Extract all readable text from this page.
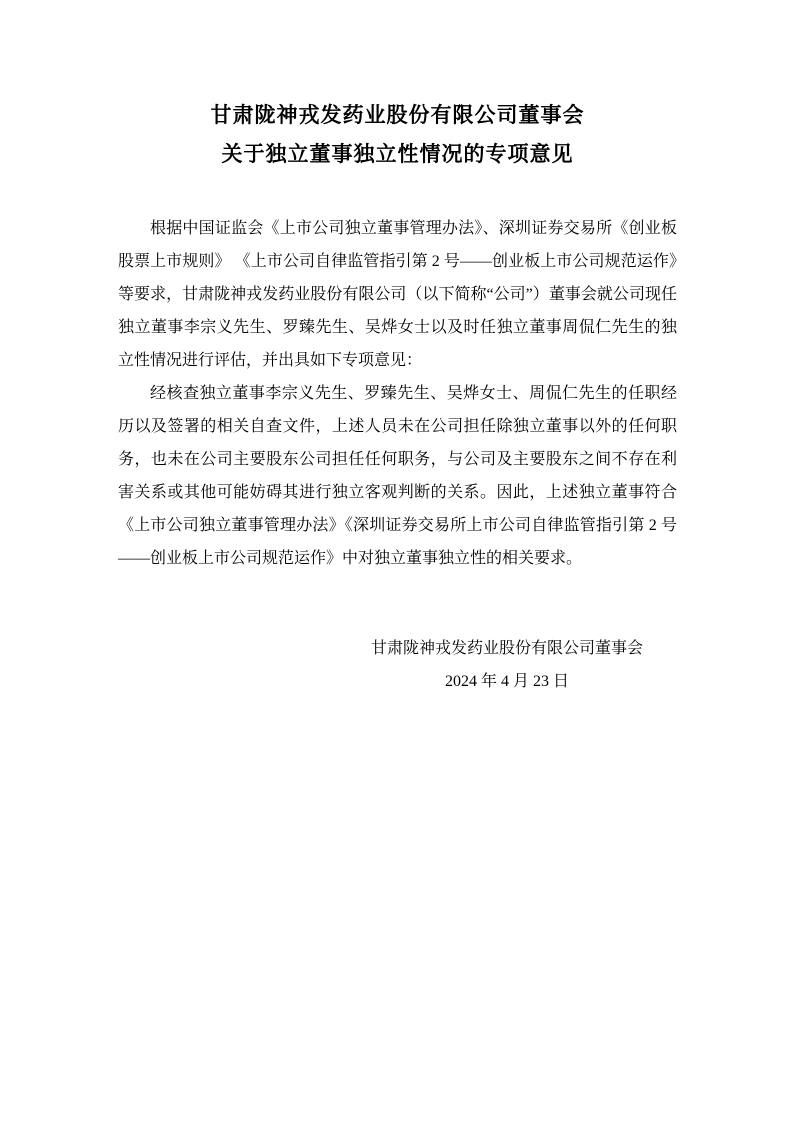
甘肃陇神戎发药业股份有限公司董事会
关于独立董事独立性情况的专项意见

根据中国证监会《上市公司独立董事管理办法》、深圳证券交易所《创业板股票上市规则》 《上市公司自律监管指引第 2 号——创业板上市公司规范运作》等要求，甘肃陇神戎发药业股份有限公司（以下简称“公司”）董事会就公司现任独立董事李宗义先生、罗臻先生、吴烨女士以及时任独立董事周侃仁先生的独立性情况进行评估，并出具如下专项意见：

经核查独立董事李宗义先生、罗臻先生、吴烨女士、周侃仁先生的任职经历以及签署的相关自查文件，上述人员未在公司担任除独立董事以外的任何职务，也未在公司主要股东公司担任任何职务，与公司及主要股东之间不存在利害关系或其他可能妨碍其进行独立客观判断的关系。因此，上述独立董事符合《上市公司独立董事管理办法》《深圳证券交易所上市公司自律监管指引第 2 号——创业板上市公司规范运作》中对独立董事独立性的相关要求。

甘肃陇神戎发药业股份有限公司董事会
2024 年 4 月 23 日
